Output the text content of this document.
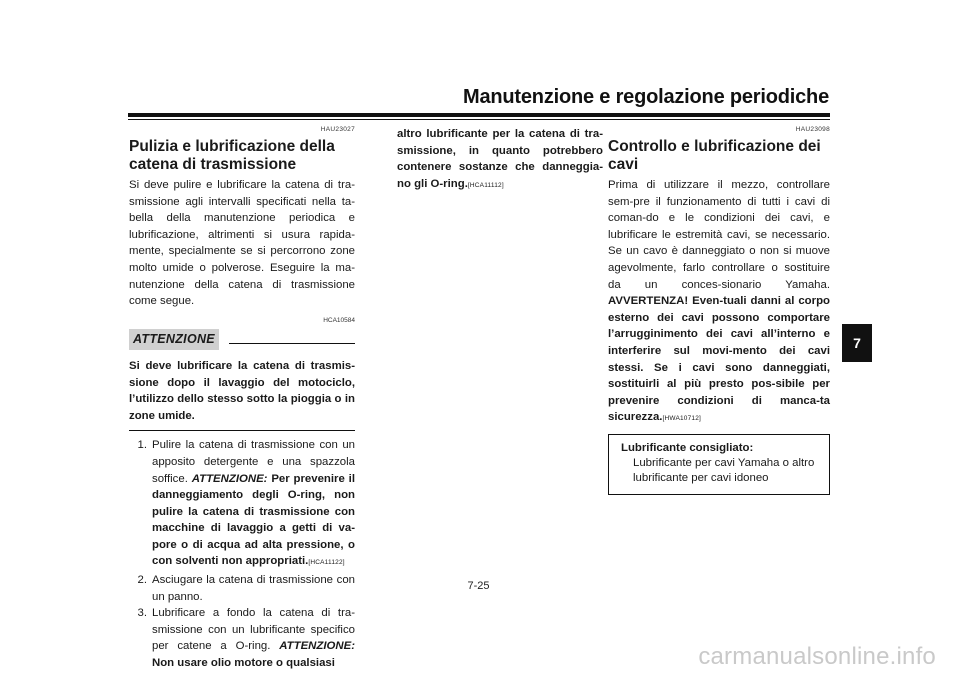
Manutenzione e regolazione periodiche
7
HAU23027
Pulizia e lubrificazione della catena di trasmissione

Si deve pulire e lubrificare la catena di tra-smissione agli intervalli specificati nella ta-bella della manutenzione periodica e lubrificazione, altrimenti si usura rapida-mente, specialmente se si percorrono zone molto umide o polverose. Eseguire la ma-nutenzione della catena di trasmissione come segue.

HCA10584
ATTENZIONE

Si deve lubrificare la catena di trasmis-sione dopo il lavaggio del motociclo, l’utilizzo dello stesso sotto la pioggia o in zone umide.

1. Pulire la catena di trasmissione con un apposito detergente e una spazzola soffice. ATTENZIONE: Per prevenire il danneggiamento degli O-ring, non pulire la catena di trasmissione con macchine di lavaggio a getti di va-pore o di acqua ad alta pressione, o con solventi non appropriati.[HCA11122]
2. Asciugare la catena di trasmissione con un panno.
3. Lubrificare a fondo la catena di tra-smissione con un lubrificante specifico per catene a O-ring. ATTENZIONE: Non usare olio motore o qualsiasi

altro lubrificante per la catena di tra-smissione, in quanto potrebbero contenere sostanze che danneggia-no gli O-ring.[HCA11112]

HAU23098
Controllo e lubrificazione dei cavi

Prima di utilizzare il mezzo, controllare sem-pre il funzionamento di tutti i cavi di coman-do e le condizioni dei cavi, e lubrificare le estremità cavi, se necessario. Se un cavo è danneggiato o non si muove agevolmente, farlo controllare o sostituire da un conces-sionario Yamaha. AVVERTENZA! Even-tuali danni al corpo esterno dei cavi possono comportare l’arrugginimento dei cavi all’interno e interferire sul movi-mento dei cavi stessi. Se i cavi sono danneggiati, sostituirli al più presto pos-sibile per prevenire condizioni di manca-ta sicurezza.[HWA10712]

Lubrificante consigliato:

Lubrificante per cavi Yamaha o altro lubrificante per cavi idoneo

7-25
carmanualsonline.info
